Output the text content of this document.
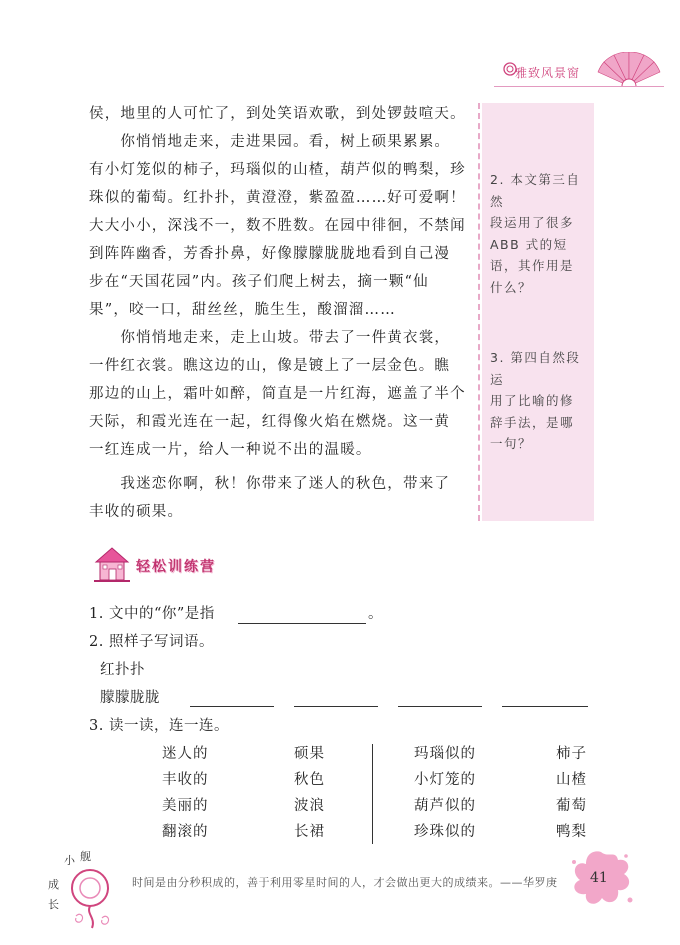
雅致风景窗
2. 本文第三自然
段运用了很多
ABB 式的短
语，其作用是
什么？
3. 第四自然段运
用了比喻的修
辞手法，是哪
一句？
侯，地里的人可忙了，到处笑语欢歌，到处锣鼓喧天。
　　你悄悄地走来，走进果园。看，树上硕果累累。
有小灯笼似的柿子，玛瑙似的山楂，葫芦似的鸭梨，珍
珠似的葡萄。红扑扑，黄澄澄，紫盈盈……好可爱啊！
大大小小，深浅不一，数不胜数。在园中徘徊，不禁闻
到阵阵幽香，芳香扑鼻，好像朦朦胧胧地看到自己漫
步在“天国花园”内。孩子们爬上树去，摘一颗“仙
果”，咬一口，甜丝丝，脆生生，酸溜溜……
　　你悄悄地走来，走上山坡。带去了一件黄衣裳，
一件红衣裳。瞧这边的山，像是镀上了一层金色。瞧
那边的山上，霜叶如醉，简直是一片红海，遮盖了半个
天际，和霞光连在一起，红得像火焰在燃烧。这一黄
一红连成一片，给人一种说不出的温暖。
　　我迷恋你啊，秋！你带来了迷人的秋色，带来了
丰收的硕果。
轻松训练营
1. 文中的“你”是指	。
2. 照样子写词语。
红扑扑
朦朦胧胧
3. 读一读，连一连。
迷人的
丰收的
美丽的
翻滚的
硕果
秋色
波浪
长裙
玛瑙似的
小灯笼的
葫芦似的
珍珠似的
柿子
山楂
葡萄
鸭梨
小 舰
成
长
时间是由分秒积成的，善于利用零星时间的人，才会做出更大的成绩来。——华罗庚 41
